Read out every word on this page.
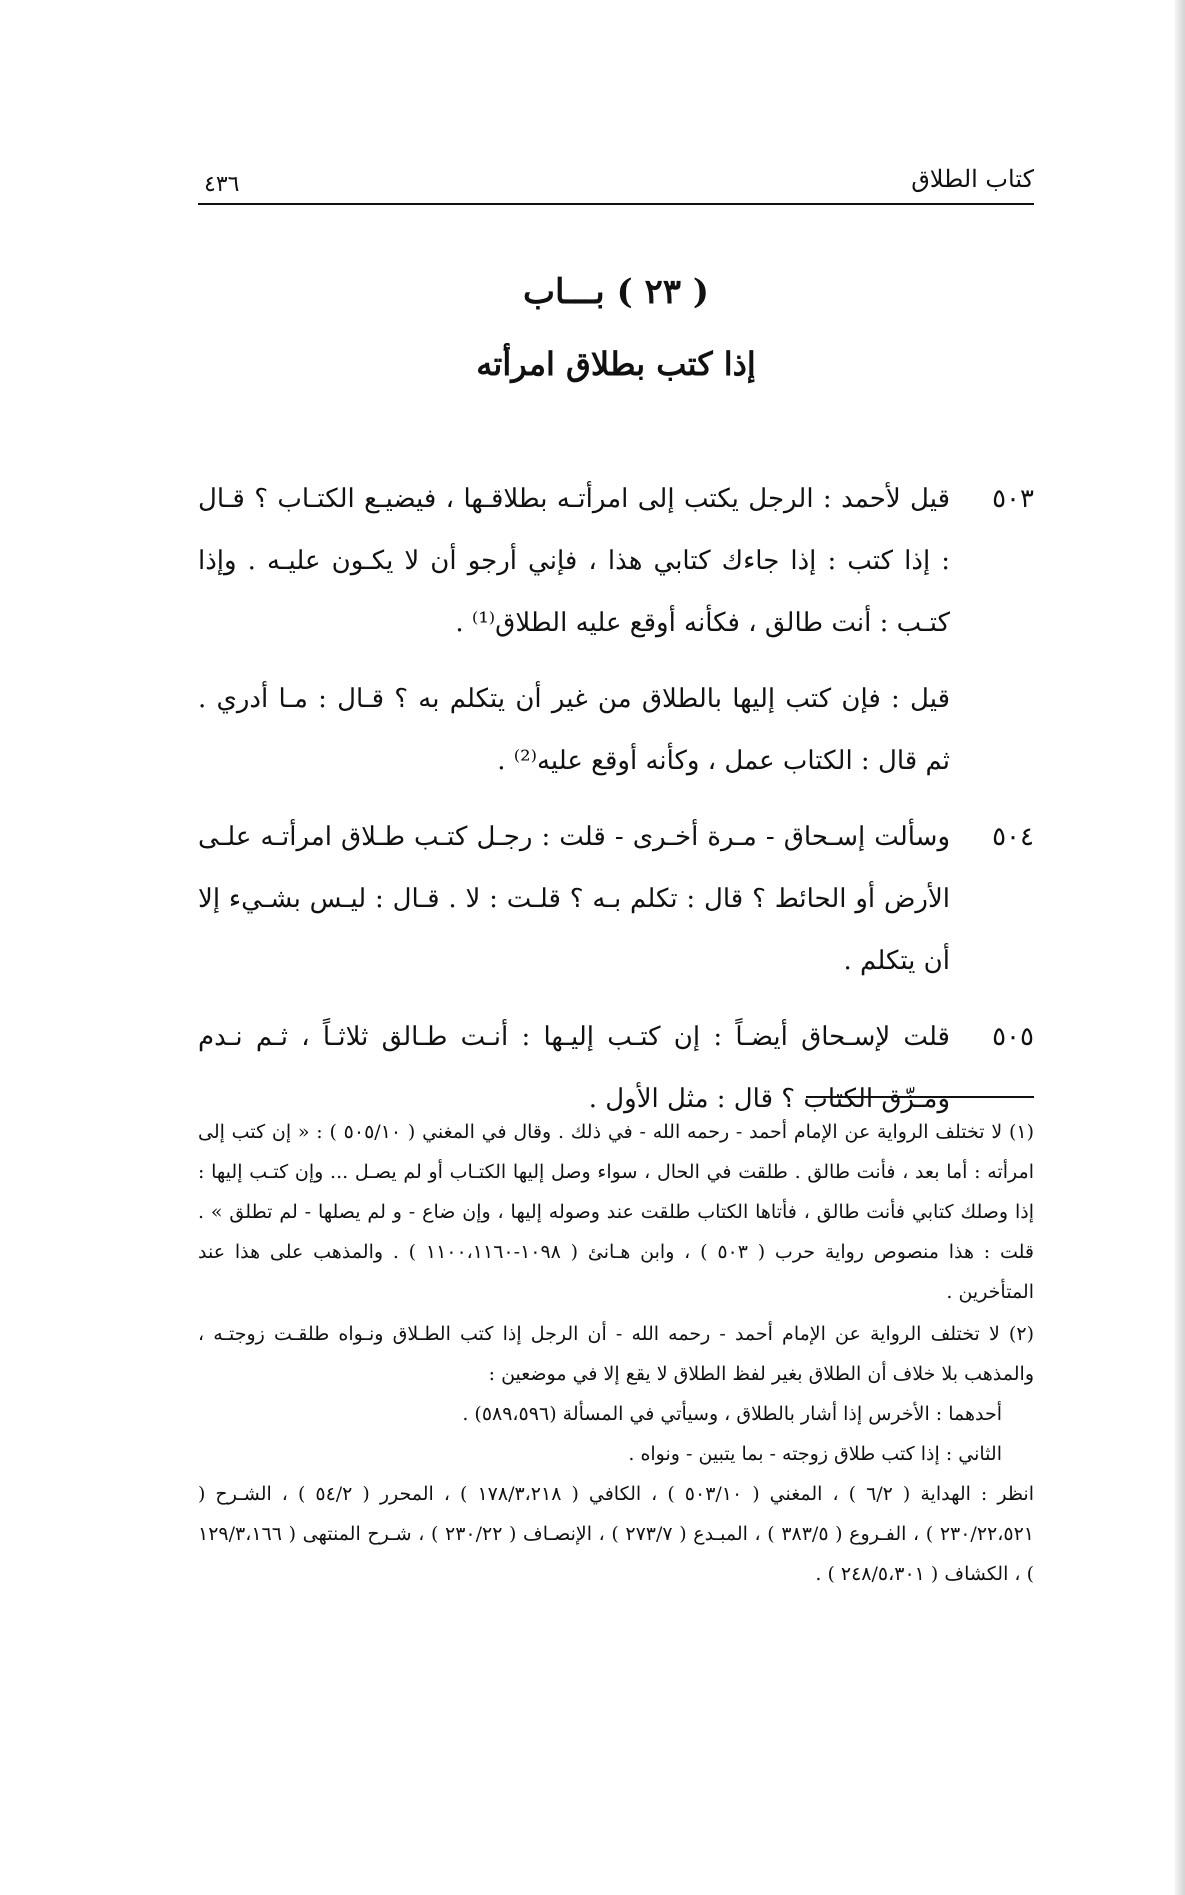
كتاب الطلاق
٤٣٦
( ٢٣ ) بـــاب
إذا كتب بطلاق امرأته
٥٠٣
قيل لأحمد : الرجل يكتب إلى امرأتـه بطلاقـها ، فيضيـع الكتـاب ؟ قـال : إذا كتب : إذا جاءك كتابي هذا ، فإني أرجو أن لا يكـون عليـه . وإذا كتـب : أنت طالق ، فكأنه أوقع عليه الطلاق⁽¹⁾ .
قيل : فإن كتب إليها بالطلاق من غير أن يتكلم به ؟ قـال : مـا أدري . ثم قال : الكتاب عمل ، وكأنه أوقع عليه⁽²⁾ .
٥٠٤
وسألت إسـحاق - مـرة أخـرى - قلت : رجـل كتـب طـلاق امرأتـه علـى الأرض أو الحائط ؟ قال : تكلم بـه ؟ قلـت : لا . قـال : ليـس بشـيء إلا أن يتكلم .
٥٠٥
قلت لإسـحاق أيضـاً : إن كتـب إليـها : أنـت طـالق ثلاثـاً ، ثـم نـدم ومـزّق الكتاب ؟ قال : مثل الأول .

(١) لا تختلف الرواية عن الإمام أحمد - رحمه الله - في ذلك . وقال في المغني ( ٥٠٥/١٠ ) : « إن كتب إلى امرأته : أما بعد ، فأنت طالق . طلقت في الحال ، سواء وصل إليها الكتـاب أو لم يصـل ... وإن كتـب إليها : إذا وصلك كتابي فأنت طالق ، فأتاها الكتاب طلقت عند وصوله إليها ، وإن ضاع - و لم يصلها - لم تطلق » . قلت : هذا منصوص رواية حرب ( ٥٠٣ ) ، وابن هـانئ ( ١٠٩٨-١١٠٠،١١٦٠ ) . والمذهب على هذا عند المتأخرين .

(٢) لا تختلف الرواية عن الإمام أحمد - رحمه الله - أن الرجل إذا كتب الطـلاق ونـواه طلقـت زوجتـه ، والمذهب بلا خلاف أن الطلاق بغير لفظ الطلاق لا يقع إلا في موضعين :

أحدهما : الأخرس إذا أشار بالطلاق ، وسيأتي في المسألة (٥٨٩،٥٩٦) .

الثاني : إذا كتب طلاق زوجته - بما يتبين - ونواه .

انظر : الهداية ( ٦/٢ ) ، المغني ( ٥٠٣/١٠ ) ، الكافي ( ١٧٨/٣،٢١٨ ) ، المحرر ( ٥٤/٢ ) ، الشـرح ( ٢٣٠/٢٢،٥٢١ ) ، الفـروع ( ٣٨٣/٥ ) ، المبـدع ( ٢٧٣/٧ ) ، الإنصـاف ( ٢٣٠/٢٢ ) ، شـرح المنتهى ( ١٢٩/٣،١٦٦ ) ، الكشاف ( ٢٤٨/٥،٣٠١ ) .
